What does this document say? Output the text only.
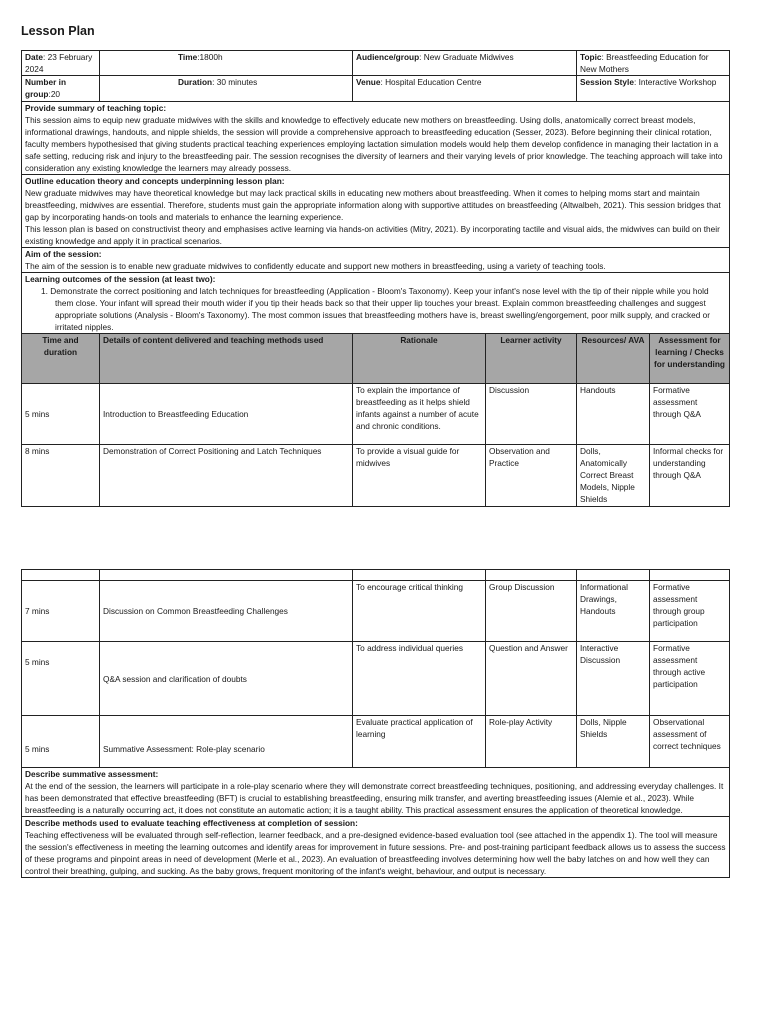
Lesson Plan
Date: 23 February 2024	Time:1800h	Audience/group: New Graduate Midwives		Topic: Breastfeeding Education for New Mothers	
Number in group:20	Duration: 30 minutes	Venue: Hospital Education Centre		Session Style: Interactive Workshop	

Provide summary of teaching topic:

This session aims to equip new graduate midwives with the skills and knowledge to effectively educate new mothers on breastfeeding. Using dolls, anatomically correct breast models, informational drawings, handouts, and nipple shields, the session will provide a comprehensive approach to breastfeeding education (Sesser, 2023). Before beginning their clinical rotation, faculty members hypothesised that giving students practical teaching experiences employing lactation simulation models would help them develop confidence in managing their lactation in a safe setting, reducing risk and injury to the breastfeeding pair. The session recognises the diversity of learners and their varying levels of prior knowledge. The teaching approach will take into consideration any existing knowledge the learners may already possess.					

Outline education theory and concepts underpinning lesson plan:

New graduate midwives may have theoretical knowledge but may lack practical skills in educating new mothers about breastfeeding. When it comes to helping moms start and maintain breastfeeding, midwives are essential. Therefore, students must gain the appropriate information along with supportive attitudes on breastfeeding (Altwalbeh, 2021). This session bridges that gap by incorporating hands-on tools and materials to enhance the learning experience.

This lesson plan is based on constructivist theory and emphasises active learning via hands-on activities (Mitry, 2021). By incorporating tactile and visual aids, the midwives can build on their existing knowledge and apply it in practical scenarios.					

Aim of the session:

The aim of the session is to enable new graduate midwives to confidently educate and support new mothers in breastfeeding, using a variety of teaching tools.					

Learning outcomes of the session (at least two):

1. Demonstrate the correct positioning and latch techniques for breastfeeding (Application - Bloom's Taxonomy). Keep your infant's nose level with the tip of their nipple while you hold them close. Your infant will spread their mouth wider if you tip their heads back so that their upper lip touches your breast. Explain common breastfeeding challenges and suggest appropriate solutions (Analysis - Bloom's Taxonomy). The most common issues that breastfeeding mothers have is, breast swelling/engorgement, poor milk supply, and cracked or irritated nipples.					

Time and duration	Details of content delivered and teaching methods used	Rationale	Learner activity	Resources/ AVA	Assessment for learning / Checks for understanding
5 mins	Introduction to Breastfeeding Education	To explain the importance of breastfeeding as it helps shield infants against a number of acute and chronic conditions.	Discussion	Handouts	Formative assessment through Q&A
8 mins	Demonstration of Correct Positioning and Latch Techniques	To provide a visual guide for midwives	Observation and Practice	Dolls, Anatomically Correct Breast Models, Nipple Shields	Informal checks for understanding through Q&A

7 mins	Discussion on Common Breastfeeding Challenges	To encourage critical thinking	Group Discussion	Informational Drawings, Handouts	Formative assessment through group participation
5 mins	Q&A session and clarification of doubts	To address individual queries	Question and Answer	Interactive Discussion	Formative assessment through active participation
5 mins	Summative Assessment: Role-play scenario	Evaluate practical application of learning	Role-play Activity	Dolls, Nipple Shields	Observational assessment of correct techniques

Describe summative assessment:

At the end of the session, the learners will participate in a role-play scenario where they will demonstrate correct breastfeeding techniques, positioning, and addressing everyday challenges. It has been demonstrated that effective breastfeeding (BFT) is crucial to establishing breastfeeding, ensuring milk transfer, and averting breastfeeding issues (Alemie et al., 2023). While breastfeeding is a naturally occurring act, it does not constitute an automatic action; it is a taught ability. This practical assessment ensures the application of theoretical knowledge.					

Describe methods used to evaluate teaching effectiveness at completion of session:

Teaching effectiveness will be evaluated through self-reflection, learner feedback, and a pre-designed evidence-based evaluation tool (see attached in the appendix 1). The tool will measure the session's effectiveness in meeting the learning outcomes and identify areas for improvement in future sessions. Pre- and post-training participant feedback allows us to assess the success of these programs and pinpoint areas in need of development (Merle et al., 2023). An evaluation of breastfeeding involves determining how well the baby latches on and how well they can control their breathing, gulping, and sucking. As the baby grows, frequent monitoring of the infant's weight, behaviour, and output is necessary.					
